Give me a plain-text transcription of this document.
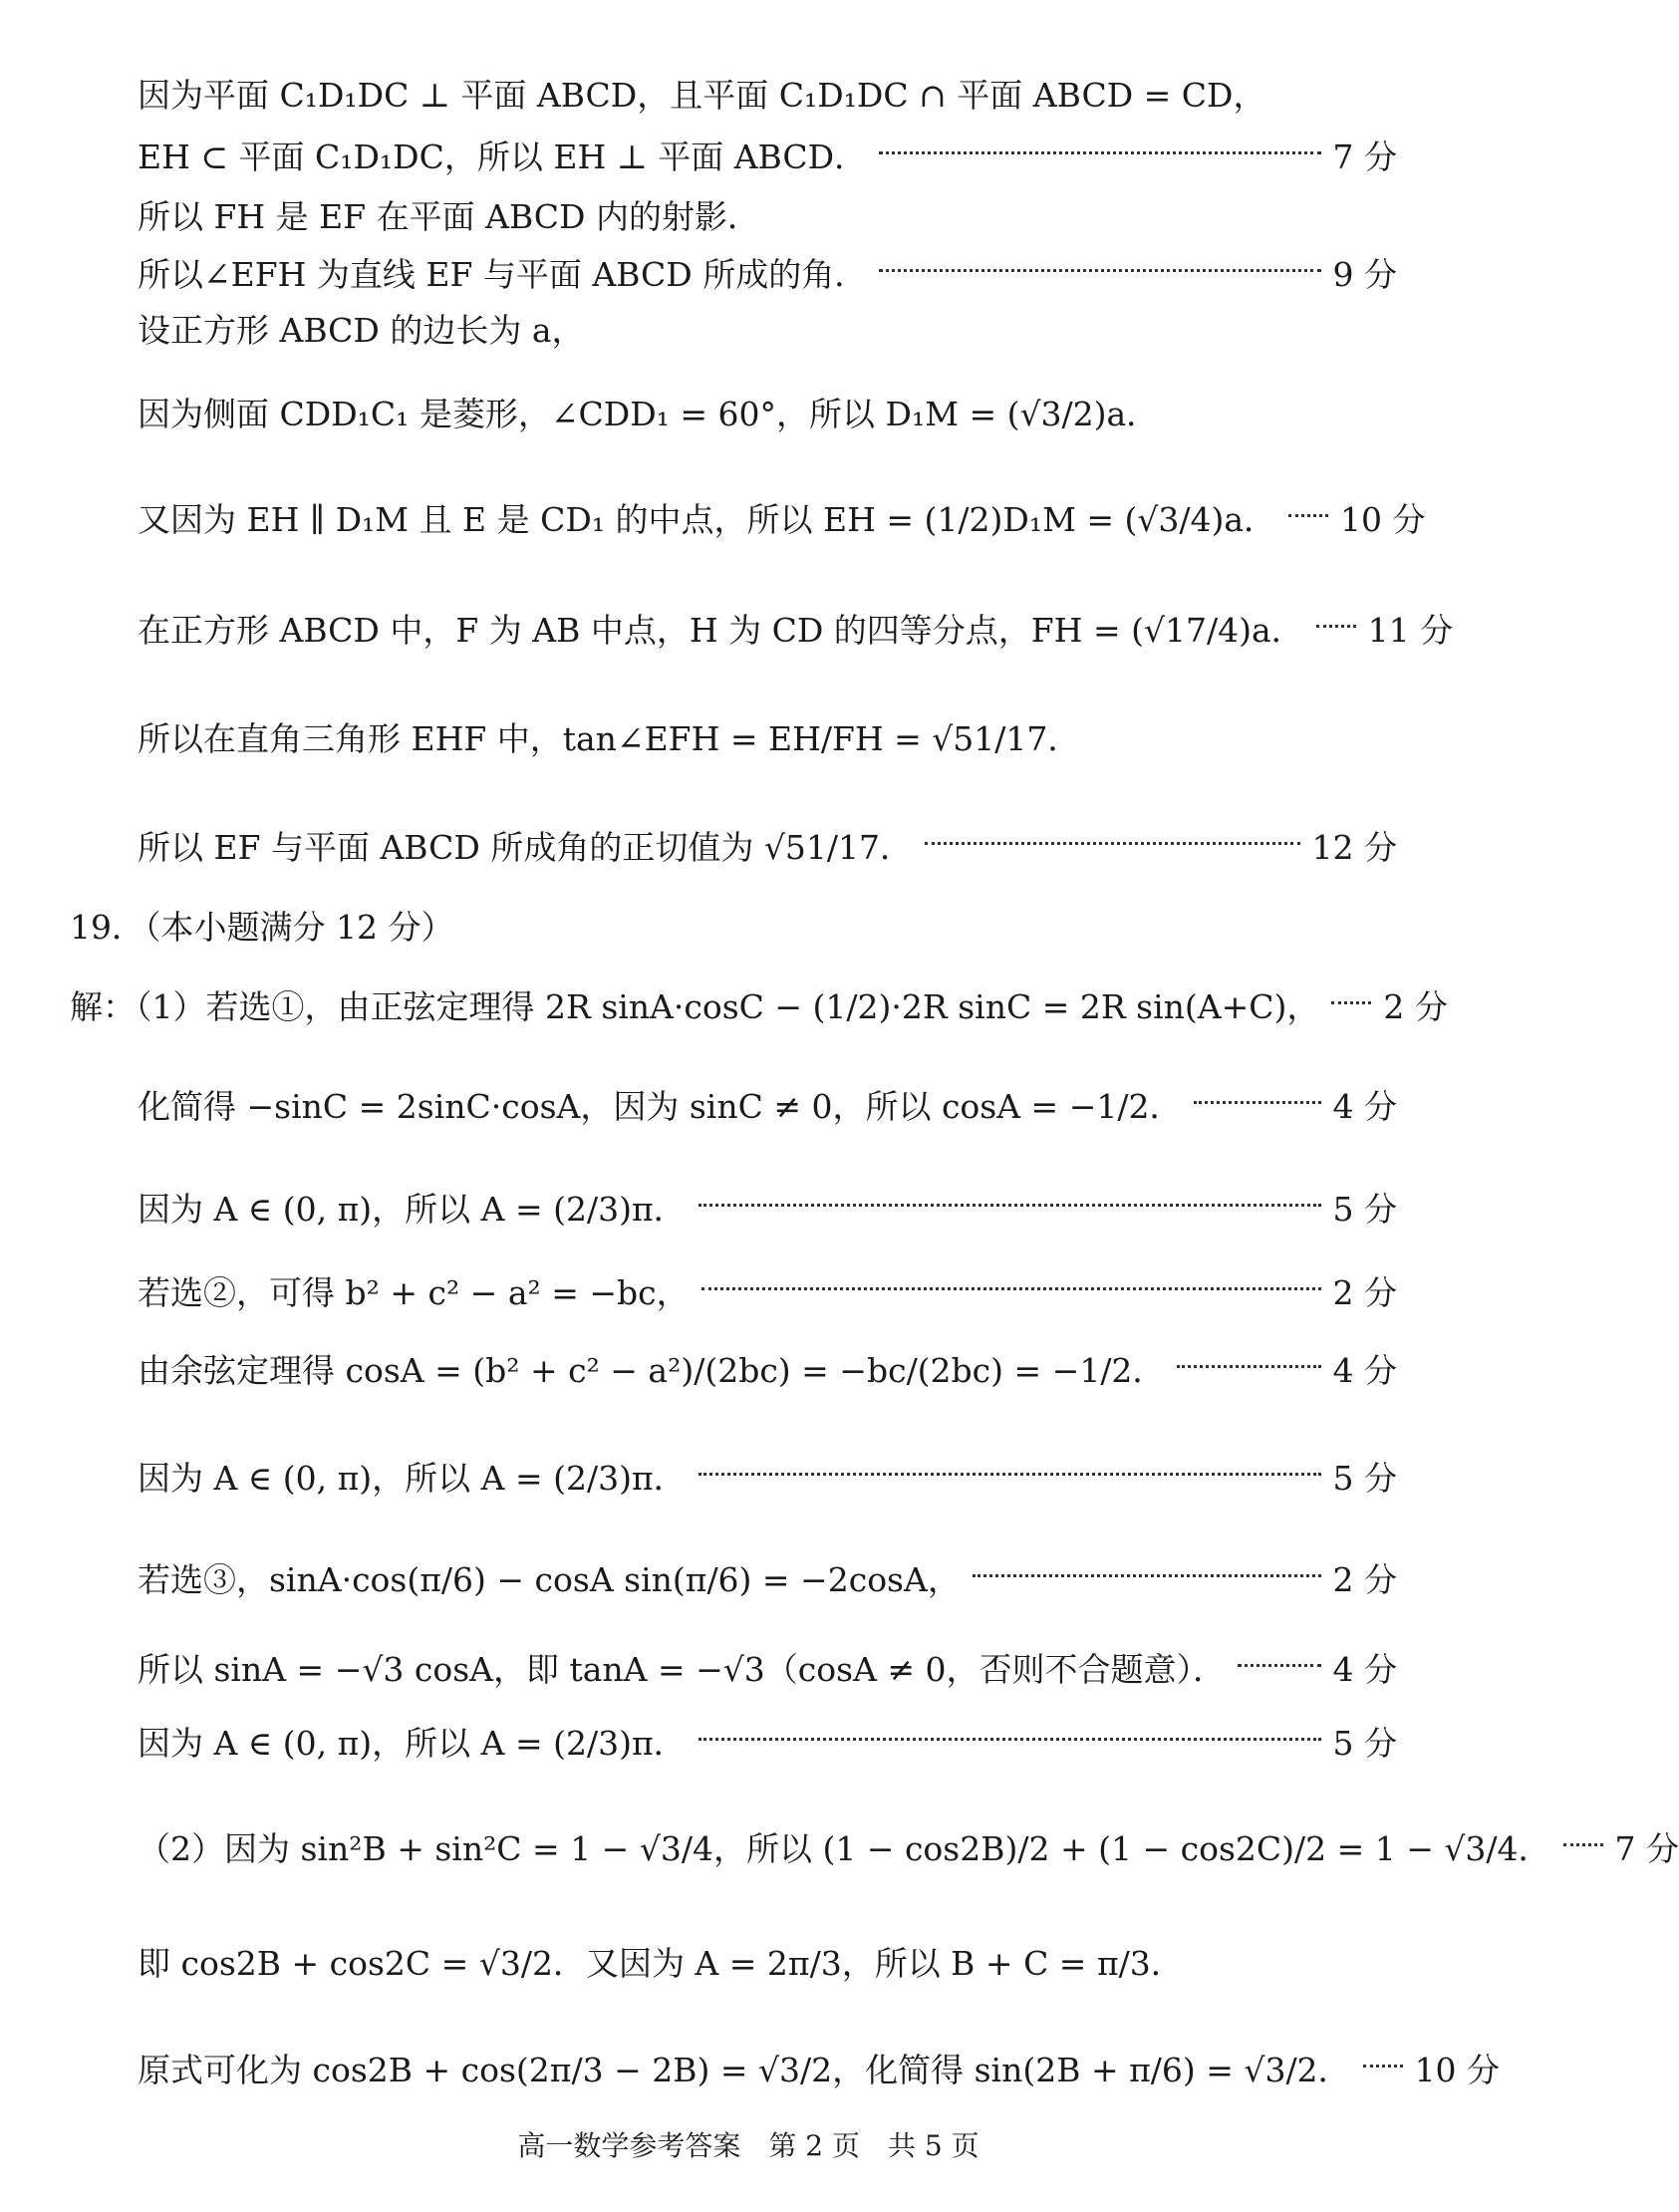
因为平面 C₁D₁DC ⊥ 平面 ABCD，且平面 C₁D₁DC ∩ 平面 ABCD = CD，
EH ⊂ 平面 C₁D₁DC，所以 EH ⊥ 平面 ABCD．	7 分
所以 FH 是 EF 在平面 ABCD 内的射影．
所以∠EFH 为直线 EF 与平面 ABCD 所成的角．	9 分
设正方形 ABCD 的边长为 a，
因为侧面 CDD₁C₁ 是菱形，∠CDD₁ = 60°，所以 D₁M = (√3/2)a．
又因为 EH ∥ D₁M 且 E 是 CD₁ 的中点，所以 EH = (1/2)D₁M = (√3/4)a． 10 分
在正方形 ABCD 中，F 为 AB 中点，H 为 CD 的四等分点，FH = (√17/4)a． 11 分
所以在直角三角形 EHF 中，tan∠EFH = EH/FH = √51/17．
所以 EF 与平面 ABCD 所成角的正切值为 √51/17．	12 分
19．（本小题满分 12 分）
解：（1）若选①，由正弦定理得 2R sinA·cosC − (1/2)·2R sinC = 2R sin(A+C)， 2 分
化简得 −sinC = 2sinC·cosA，因为 sinC ≠ 0，所以 cosA = −1/2．	4 分
因为 A ∈ (0, π)，所以 A = (2/3)π．	5 分
若选②，可得 b² + c² − a² = −bc，	2 分
由余弦定理得 cosA = (b² + c² − a²)/(2bc) = −bc/(2bc) = −1/2．	4 分
因为 A ∈ (0, π)，所以 A = (2/3)π．	5 分
若选③，sinA·cos(π/6) − cosA sin(π/6) = −2cosA，	2 分
所以 sinA = −√3 cosA，即 tanA = −√3（cosA ≠ 0，否则不合题意）．	4 分
因为 A ∈ (0, π)，所以 A = (2/3)π．	5 分
（2）因为 sin²B + sin²C = 1 − √3/4，所以 (1 − cos2B)/2 + (1 − cos2C)/2 = 1 − √3/4． 7 分
即 cos2B + cos2C = √3/2．又因为 A = 2π/3，所以 B + C = π/3．
原式可化为 cos2B + cos(2π/3 − 2B) = √3/2，化简得 sin(2B + π/6) = √3/2． 10 分
高一数学参考答案　第 2 页　共 5 页
